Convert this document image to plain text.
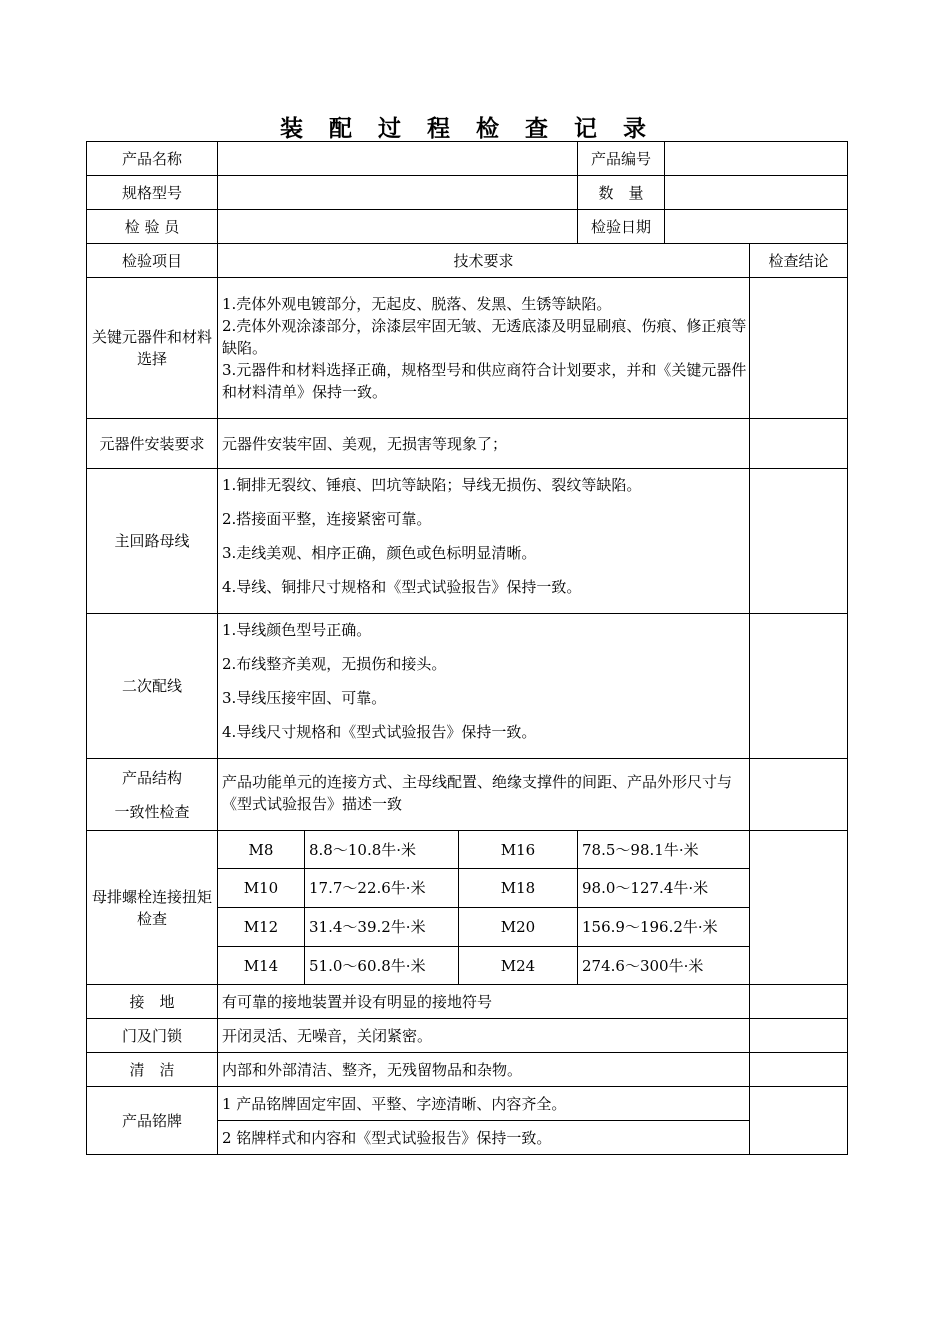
装 配 过 程 检 查 记 录
产品名称				产品编号		
规格型号				数　量		
检 验 员				检验日期		
检验项目	技术要求					检查结论
关键元器件和材料选择	1.壳体外观电镀部分，无起皮、脱落、发黑、生锈等缺陷。
2.壳体外观涂漆部分，涂漆层牢固无皱、无透底漆及明显刷痕、伤痕、修正痕等缺陷。
3.元器件和材料选择正确，规格型号和供应商符合计划要求，并和《关键元器件和材料清单》保持一致。					

元器件安装要求	元器件安装牢固、美观，无损害等现象了；					
主回路母线	1.铜排无裂纹、锤痕、凹坑等缺陷；导线无损伤、裂纹等缺陷。
2.搭接面平整，连接紧密可靠。
3.走线美观、相序正确，颜色或色标明显清晰。
4.导线、铜排尺寸规格和《型式试验报告》保持一致。					

二次配线	1.导线颜色型号正确。
2.布线整齐美观，无损伤和接头。
3.导线压接牢固、可靠。
4.导线尺寸规格和《型式试验报告》保持一致。					

产品结构
一致性检查	产品功能单元的连接方式、主母线配置、绝缘支撑件的间距、产品外形尺寸与《型式试验报告》描述一致					
母排螺栓连接扭矩检查	M8	8.8～10.8牛·米	M16	78.5～98.1牛·米		
	M10	17.7～22.6牛·米	M18	98.0～127.4牛·米		
	M12	31.4～39.2牛·米	M20	156.9～196.2牛·米		
	M14	51.0～60.8牛·米	M24	274.6～300牛·米		
接　地	有可靠的接地装置并设有明显的接地符号					
门及门锁	开闭灵活、无噪音，关闭紧密。					
清　洁	内部和外部清洁、整齐，无残留物品和杂物。					
产品铭牌	1 产品铭牌固定牢固、平整、字迹清晰、内容齐全。					
	2 铭牌样式和内容和《型式试验报告》保持一致。					
